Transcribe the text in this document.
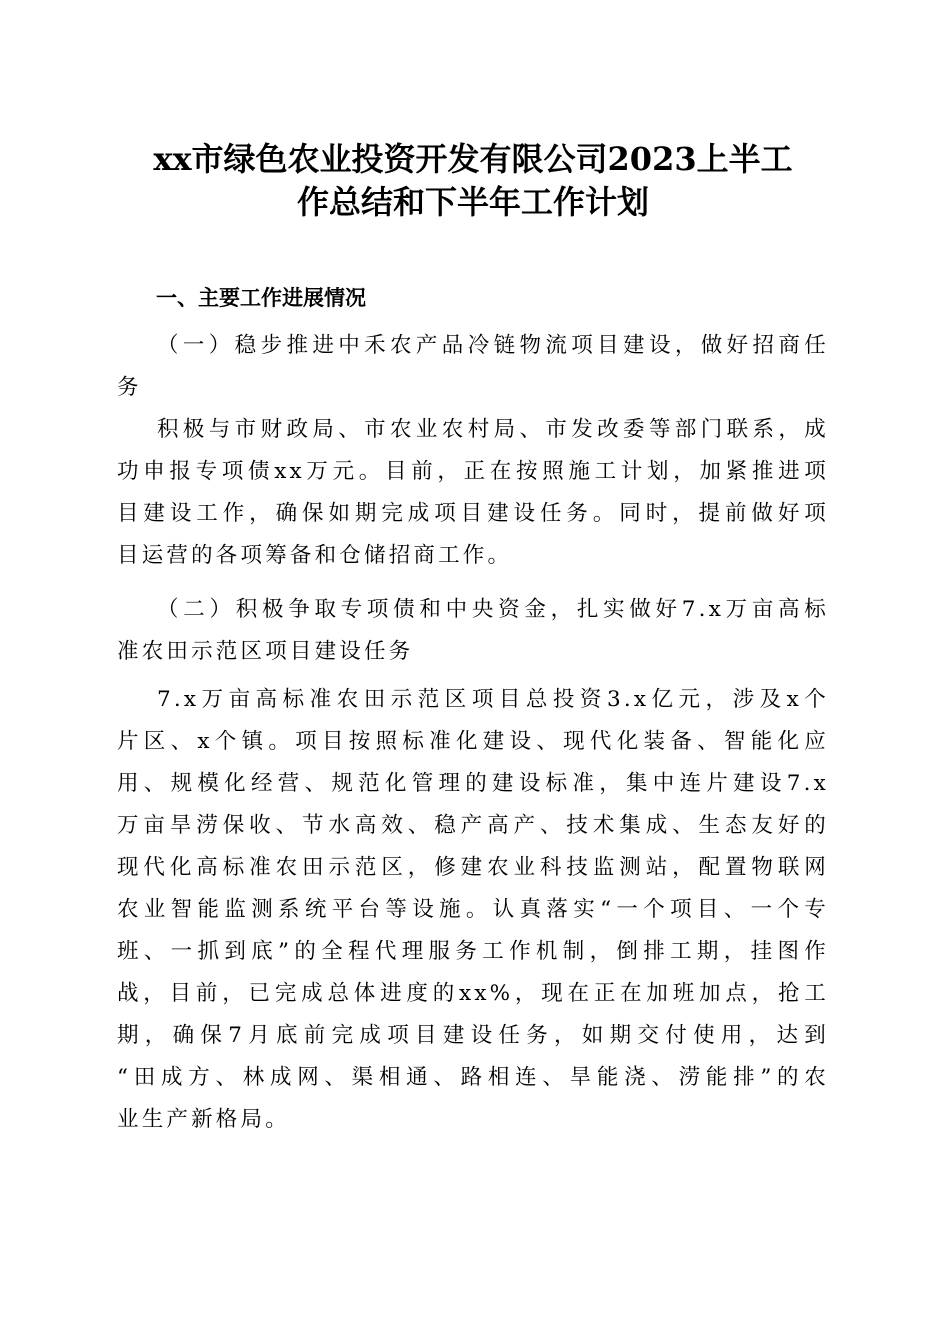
xx市绿色农业投资开发有限公司2023上半工
作总结和下半年工作计划
一、主要工作进展情况
（一）稳步推进中禾农产品冷链物流项目建设，做好招商任
务
积极与市财政局、市农业农村局、市发改委等部门联系，成
功申报专项债xx万元。目前，正在按照施工计划，加紧推进项
目建设工作，确保如期完成项目建设任务。同时，提前做好项
目运营的各项筹备和仓储招商工作。
（二）积极争取专项债和中央资金，扎实做好7.x万亩高标
准农田示范区项目建设任务
7.x万亩高标准农田示范区项目总投资3.x亿元，涉及x个
片区、x个镇。项目按照标准化建设、现代化装备、智能化应
用、规模化经营、规范化管理的建设标准，集中连片建设7.x
万亩旱涝保收、节水高效、稳产高产、技术集成、生态友好的
现代化高标准农田示范区，修建农业科技监测站，配置物联网
农业智能监测系统平台等设施。认真落实“一个项目、一个专
班、一抓到底”的全程代理服务工作机制，倒排工期，挂图作
战，目前，已完成总体进度的xx%，现在正在加班加点，抢工
期，确保7月底前完成项目建设任务，如期交付使用，达到
“田成方、林成网、渠相通、路相连、旱能浇、涝能排”的农
业生产新格局。
